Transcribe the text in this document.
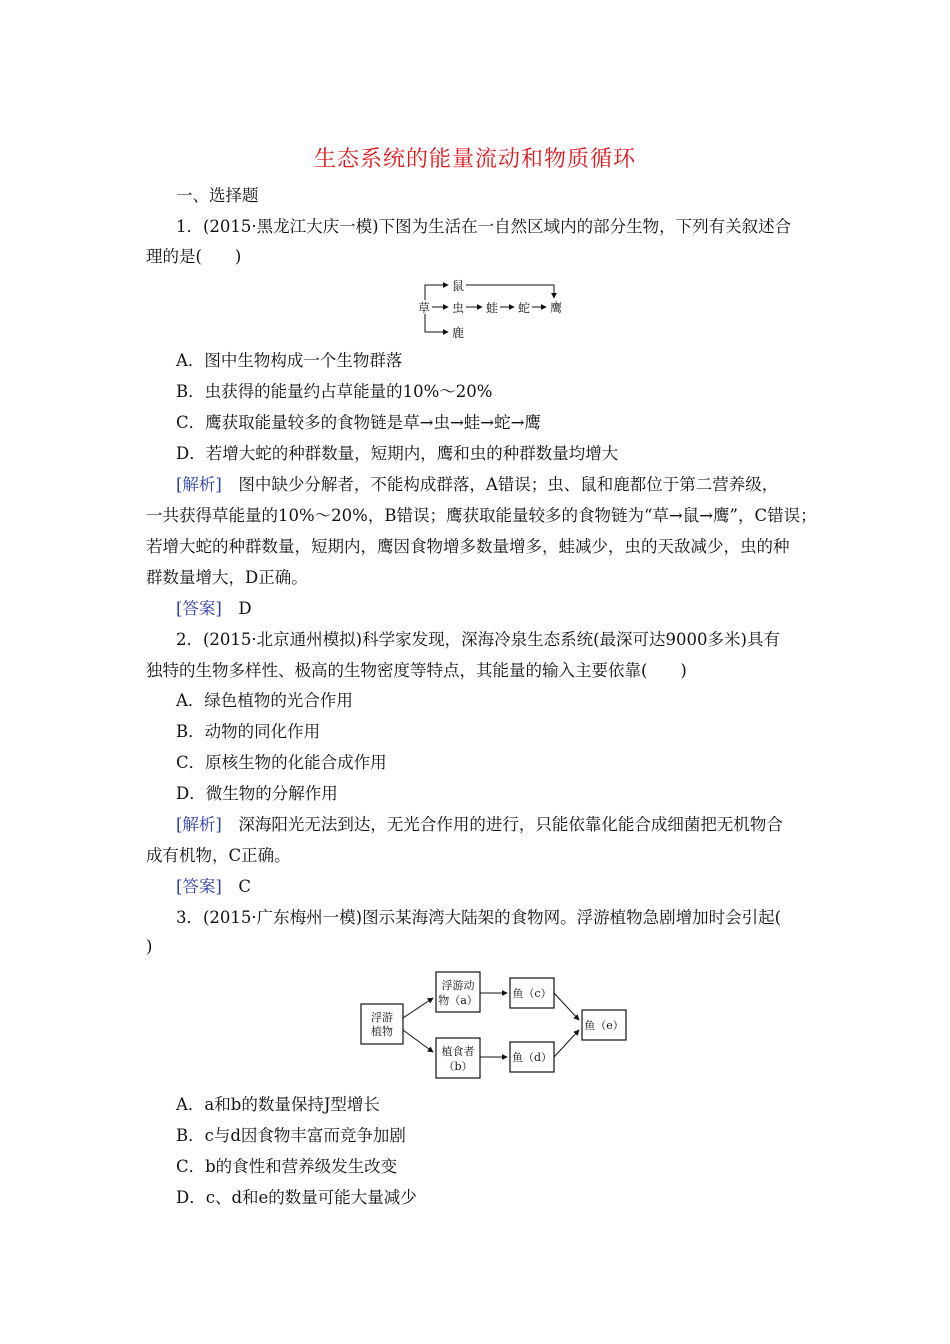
生态系统的能量流动和物质循环
一、选择题
1．(2015·黑龙江大庆一模)下图为生活在一自然区域内的部分生物，下列有关叙述合
理的是(　　)
草
鼠
虫 蛙 蛇 鹰
鹿
A．图中生物构成一个生物群落
B．虫获得的能量约占草能量的10%～20%
C．鹰获取能量较多的食物链是草→虫→蛙→蛇→鹰
D．若增大蛇的种群数量，短期内，鹰和虫的种群数量均增大
[解析]　图中缺少分解者，不能构成群落，A错误；虫、鼠和鹿都位于第二营养级，
一共获得草能量的10%～20%，B错误；鹰获取能量较多的食物链为“草→鼠→鹰”，C错误；
若增大蛇的种群数量，短期内，鹰因食物增多数量增多，蛙减少，虫的天敌减少，虫的种
群数量增大，D正确。
[答案]　D
2．(2015·北京通州模拟)科学家发现，深海冷泉生态系统(最深可达9000多米)具有
独特的生物多样性、极高的生物密度等特点，其能量的输入主要依靠(　　)
A．绿色植物的光合作用
B．动物的同化作用
C．原核生物的化能合成作用
D．微生物的分解作用
[解析]　深海阳光无法到达，无光合作用的进行，只能依靠化能合成细菌把无机物合
成有机物，C正确。
[答案]　C
3．(2015·广东梅州一模)图示某海湾大陆架的食物网。浮游植物急剧增加时会引起(
)
浮游
植物
浮游动
物（a）
植食者
（b）
鱼（c）
鱼（d）
鱼（e）
A．a和b的数量保持J型增长
B．c与d因食物丰富而竞争加剧
C．b的食性和营养级发生改变
D．c、d和e的数量可能大量减少
